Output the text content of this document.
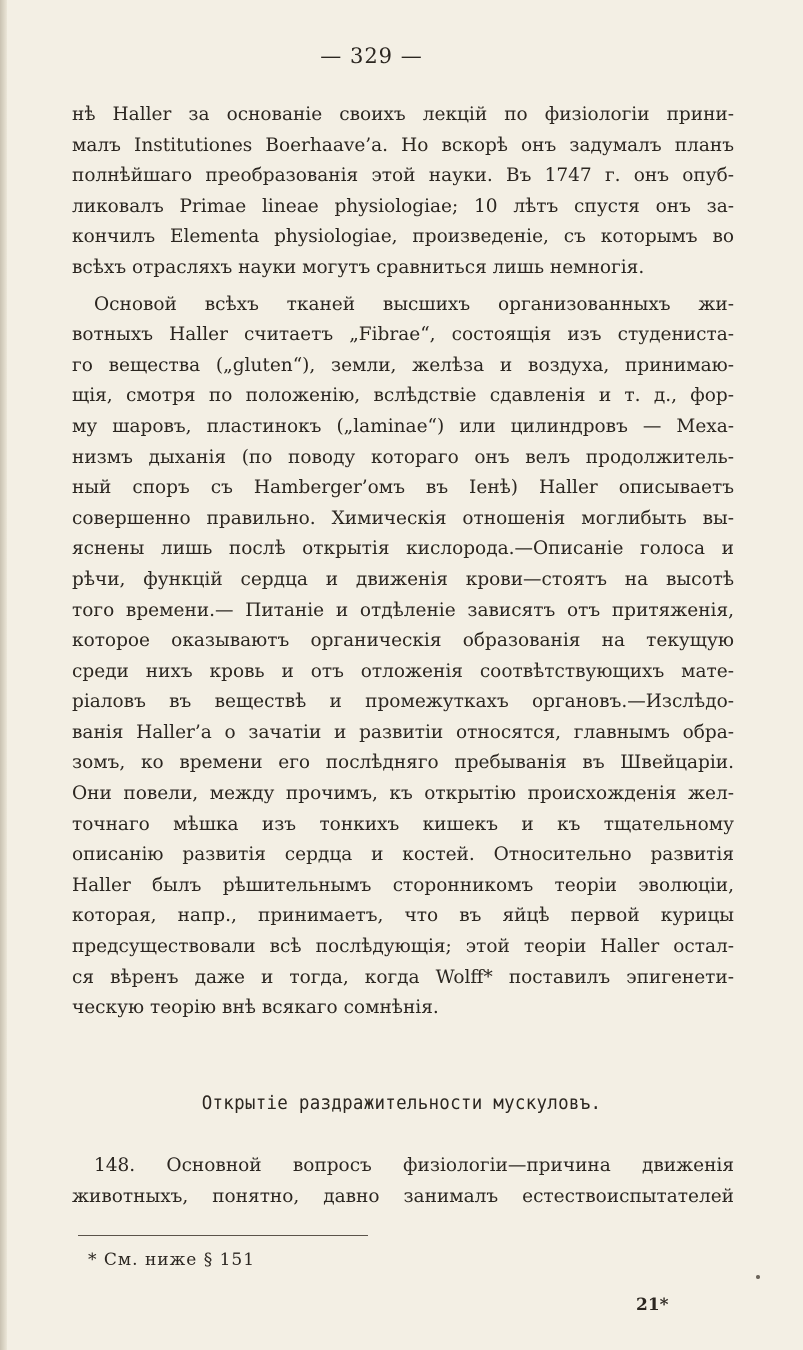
— 329 —
нѣ Haller за основаніе своихъ лекцій по физіологіи прини-
малъ Institutiones Boerhaave’a. Но вскорѣ онъ задумалъ планъ
полнѣйшаго преобразованія этой науки. Въ 1747 г. онъ опуб-
ликовалъ Primae lineae physiologiae; 10 лѣтъ спустя онъ за-
кончилъ Elementa physiologiae, произведеніе, съ которымъ во
всѣхъ отрасляхъ науки могутъ сравниться лишь немногія.
Основой всѣхъ тканей высшихъ организованныхъ жи-
вотныхъ Haller считаетъ „Fibrae“, состоящія изъ студениста-
го вещества („gluten“), земли, желѣза и воздуха, принимаю-
щія, смотря по положенію, вслѣдствіе сдавленія и т. д., фор-
му шаровъ, пластинокъ („laminae“) или цилиндровъ — Меха-
низмъ дыханія (по поводу котораго онъ велъ продолжитель-
ный споръ съ Hamberger’омъ въ Іенѣ) Haller описываетъ
совершенно правильно. Химическія отношенія моглибыть вы-
яснены лишь послѣ открытія кислорода.—Описаніе голоса и
рѣчи, функцій сердца и движенія крови—стоятъ на высотѣ
того времени.— Питаніе и отдѣленіе зависятъ отъ притяженія,
которое оказываютъ органическія образованія на текущую
среди нихъ кровь и отъ отложенія соотвѣтствующихъ мате-
ріаловъ въ веществѣ и промежуткахъ органовъ.—Изслѣдо-
ванія Haller’a о зачатіи и развитіи относятся, главнымъ обра-
зомъ, ко времени его послѣдняго пребыванія въ Швейцаріи.
Они повели, между прочимъ, къ открытію происхожденія жел-
точнаго мѣшка изъ тонкихъ кишекъ и къ тщательному
описанію развитія сердца и костей. Относительно развитія
Haller былъ рѣшительнымъ сторонникомъ теоріи эволюціи,
которая, напр., принимаетъ, что въ яйцѣ первой курицы
предсуществовали всѣ послѣдующія; этой теоріи Haller остал-
ся вѣренъ даже и тогда, когда Wolff* поставилъ эпигенети-
ческую теорію внѣ всякаго сомнѣнія.
Открытіе раздражительности мускуловъ.
148. Основной вопросъ физіологіи—причина движенія
животныхъ, понятно, давно занималъ естествоиспытателей
* См. ниже § 151
21*
